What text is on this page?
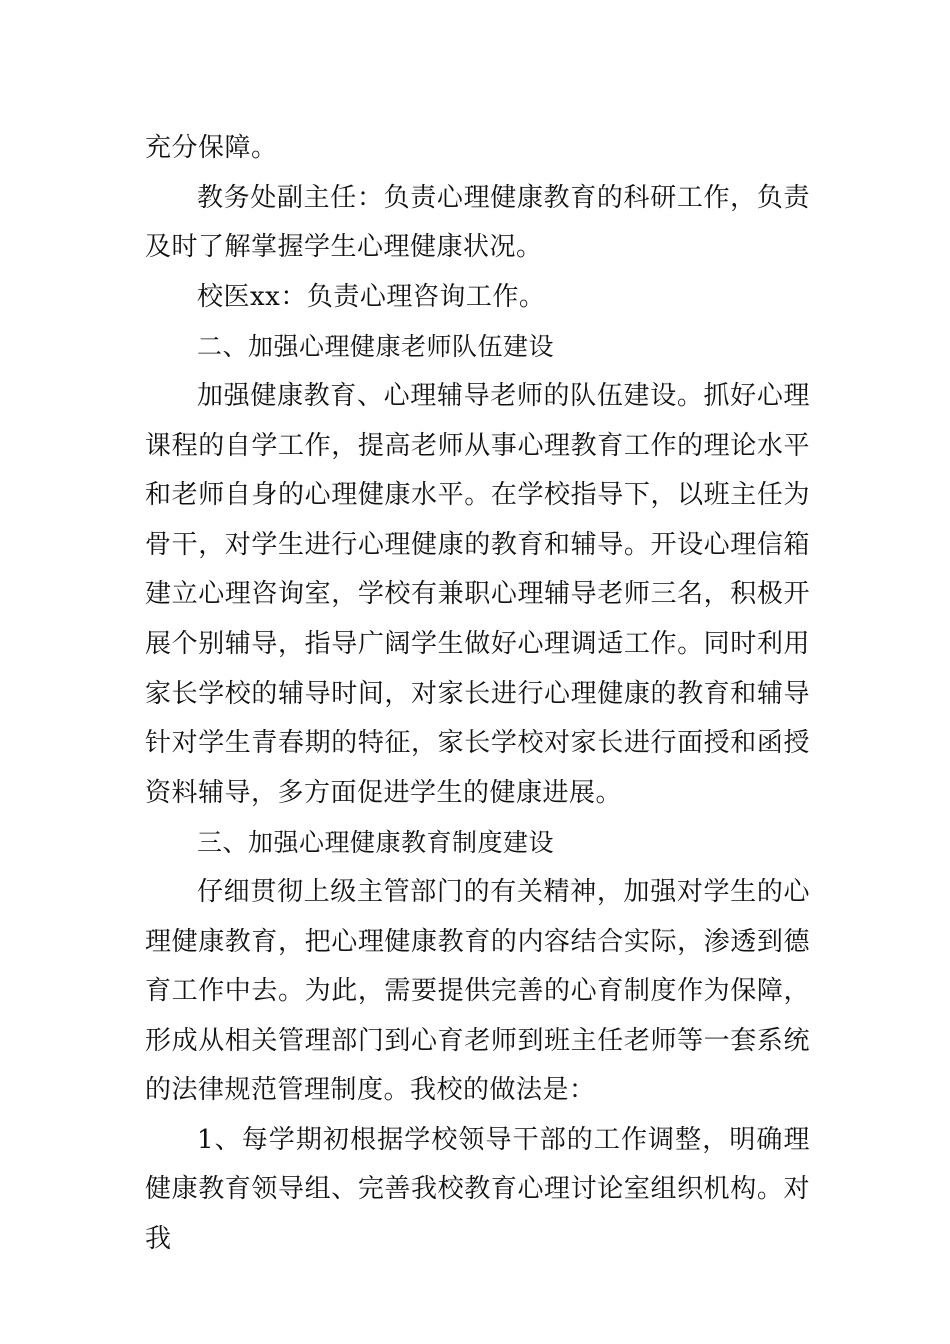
充分保障。

教务处副主任：负责心理健康教育的科研工作，负责及时了解掌握学生心理健康状况。

校医xx：负责心理咨询工作。

二、加强心理健康老师队伍建设

加强健康教育、心理辅导老师的队伍建设。抓好心理课程的自学工作，提高老师从事心理教育工作的理论水平和老师自身的心理健康水平。在学校指导下，以班主任为骨干，对学生进行心理健康的教育和辅导。开设心理信箱建立心理咨询室，学校有兼职心理辅导老师三名，积极开展个别辅导，指导广阔学生做好心理调适工作。同时利用家长学校的辅导时间，对家长进行心理健康的教育和辅导针对学生青春期的特征，家长学校对家长进行面授和函授资料辅导，多方面促进学生的健康进展。

三、加强心理健康教育制度建设

仔细贯彻上级主管部门的有关精神，加强对学生的心理健康教育，把心理健康教育的内容结合实际，渗透到德育工作中去。为此，需要提供完善的心育制度作为保障，形成从相关管理部门到心育老师到班主任老师等一套系统的法律规范管理制度。我校的做法是：

1、每学期初根据学校领导干部的工作调整，明确理健康教育领导组、完善我校教育心理讨论室组织机构。对我
